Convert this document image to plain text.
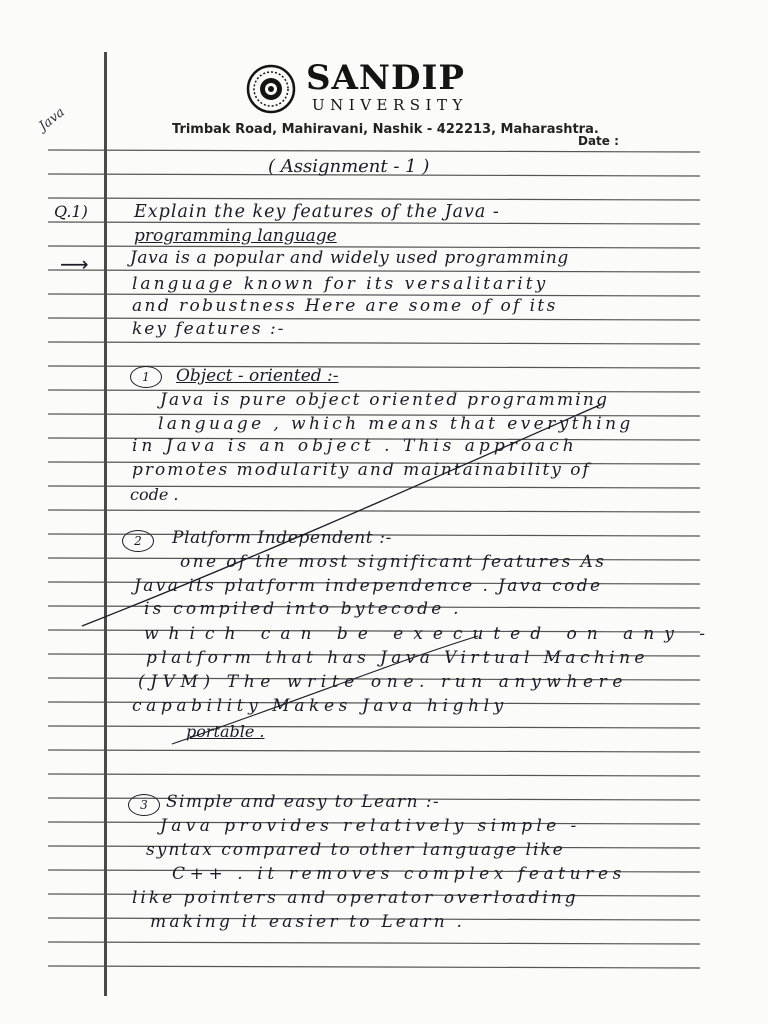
SANDIP
UNIVERSITY
Trimbak Road, Mahiravani, Nashik - 422213, Maharashtra.
Date :
Java
( Assignment - 1 )
Q.1)	Explain the key features of the Java -
programming language
⟶ Java is a popular and widely used programming
language known for its versalitarity
and robustness Here are some of of its
key features :-
1	Object - oriented :-
Java is pure object oriented programming
language , which means that everything
in Java is an object . This approach
promotes modularity and maintainability of
code .
2	Platform Independent :-
one of the most significant features As
Java its platform independence . Java code
is compiled into bytecode .
which can be executed on any -
platform that has Java Virtual Machine
(JVM) The write one. run anywhere
capability Makes Java highly
portable .
3	Simple and easy to Learn :-
Java provides relatively simple -
syntax compared to other language like
C++ . it removes complex features
like pointers and operator overloading
making it easier to Learn .
